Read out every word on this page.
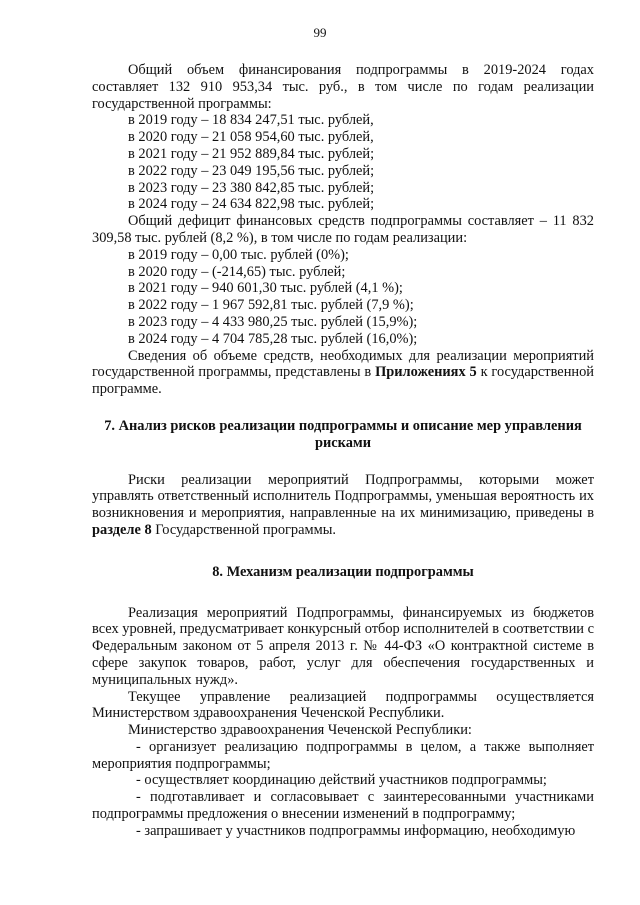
99

Общий объем финансирования подпрограммы в 2019-2024 годах составляет 132 910 953,34 тыс. руб., в том числе по годам реализации государственной программы:

в 2019 году – 18 834 247,51 тыс. рублей,

в 2020 году – 21 058 954,60 тыс. рублей,

в 2021 году – 21 952 889,84 тыс. рублей;

в 2022 году – 23 049 195,56 тыс. рублей;

в 2023 году – 23 380 842,85 тыс. рублей;

в 2024 году – 24 634 822,98 тыс. рублей;

Общий дефицит финансовых средств подпрограммы составляет – 11 832 309,58 тыс. рублей (8,2 %), в том числе по годам реализации:

в 2019 году – 0,00 тыс. рублей (0%);

в 2020 году – (-214,65) тыс. рублей;

в 2021 году – 940 601,30 тыс. рублей (4,1 %);

в 2022 году – 1 967 592,81 тыс. рублей (7,9 %);

в 2023 году – 4 433 980,25 тыс. рублей (15,9%);

в 2024 году – 4 704 785,28 тыс. рублей (16,0%);

Сведения об объеме средств, необходимых для реализации мероприятий государственной программы, представлены в Приложениях 5 к государственной программе.

7. Анализ рисков реализации подпрограммы и описание мер управления рисками

Риски реализации мероприятий Подпрограммы, которыми может управлять ответственный исполнитель Подпрограммы, уменьшая вероятность их возникновения и мероприятия, направленные на их минимизацию, приведены в разделе 8 Государственной программы.

8. Механизм реализации подпрограммы

Реализация мероприятий Подпрограммы, финансируемых из бюджетов всех уровней, предусматривает конкурсный отбор исполнителей в соответствии с Федеральным законом от 5 апреля 2013 г. № 44-ФЗ «О контрактной системе в сфере закупок товаров, работ, услуг для обеспечения государственных и муниципальных нужд».

Текущее управление реализацией подпрограммы осуществляется Министерством здравоохранения Чеченской Республики.

Министерство здравоохранения Чеченской Республики:

- организует реализацию подпрограммы в целом, а также выполняет мероприятия подпрограммы;

- осуществляет координацию действий участников подпрограммы;

- подготавливает и согласовывает с заинтересованными участниками подпрограммы предложения о внесении изменений в подпрограмму;

- запрашивает у участников подпрограммы информацию, необходимую
